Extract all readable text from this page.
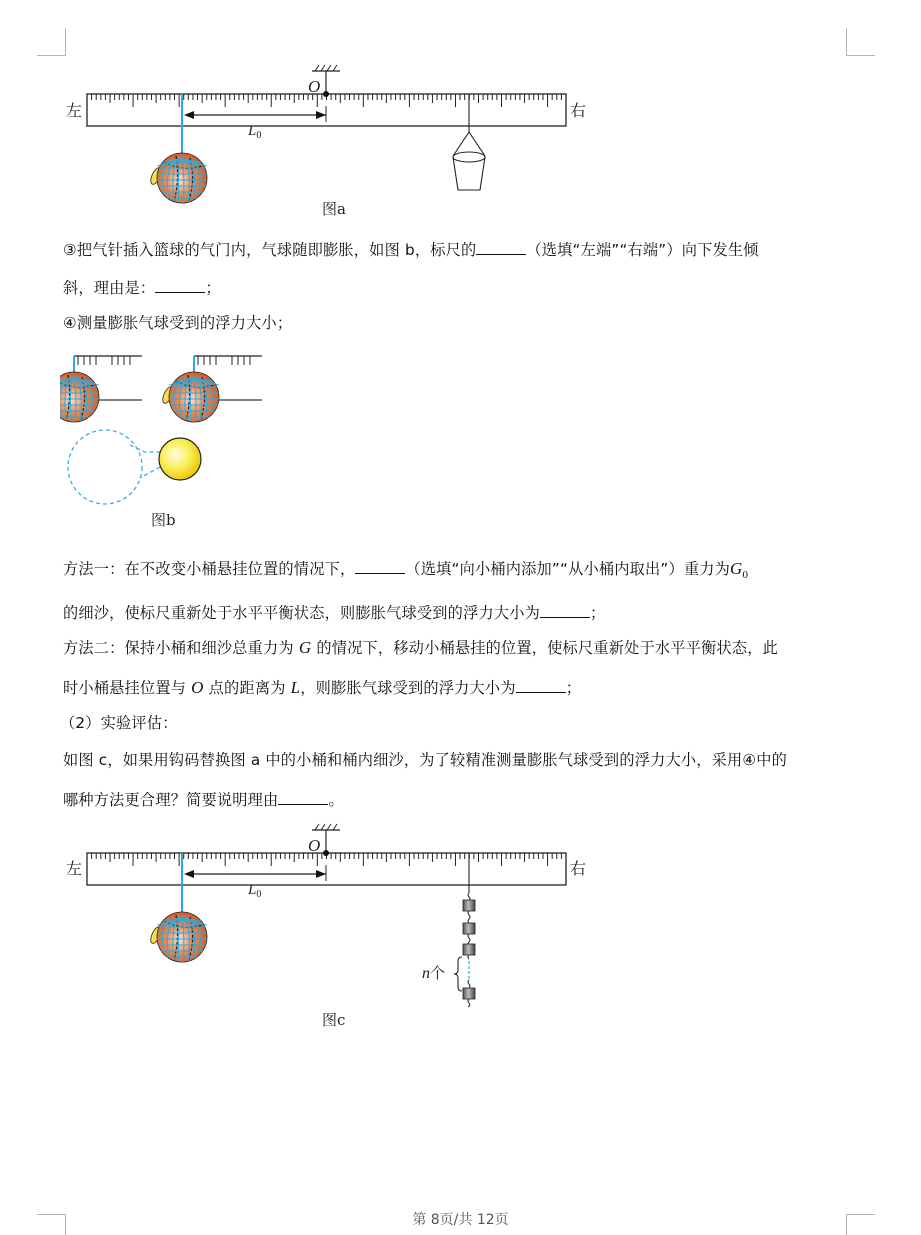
左	右
O
$L_0$
图a
③把气针插入篮球的气门内，气球随即膨胀，如图 b，标尺的	（选填“左端”“右端”）向下发生倾
斜，理由是：	；
④测量膨胀气球受到的浮力大小；
图b
方法一：在不改变小桶悬挂位置的情况下，	（选填“向小桶内添加”“从小桶内取出”）重力为$G_0$
的细沙，使标尺重新处于水平平衡状态，则膨胀气球受到的浮力大小为	；
方法二：保持小桶和细沙总重力为 G 的情况下，移动小桶悬挂的位置，使标尺重新处于水平平衡状态，此
时小桶悬挂位置与 O 点的距离为 L，则膨胀气球受到的浮力大小为	；
（2）实验评估：
如图 c，如果用钩码替换图 a 中的小桶和桶内细沙，为了较精准测量膨胀气球受到的浮力大小，采用④中的
哪种方法更合理？简要说明理由	。
左	右
O
$L_0$
n个
图c
第 8页/共 12页
